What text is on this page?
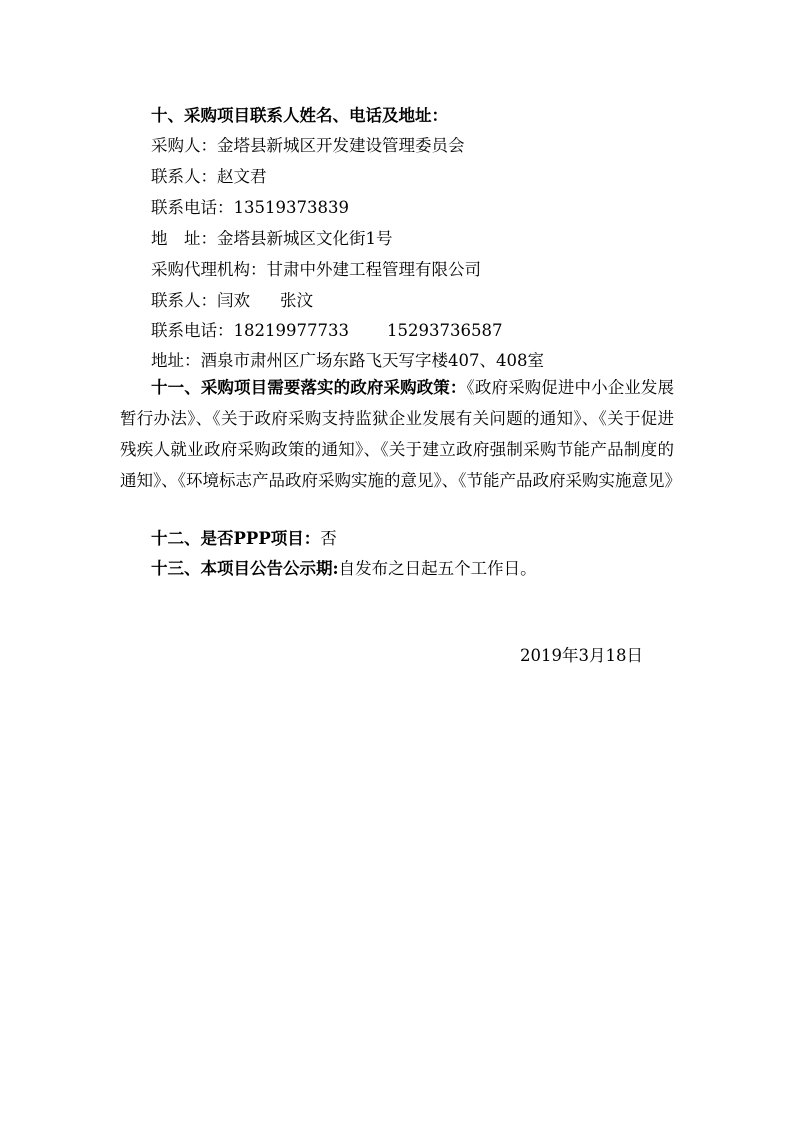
十、采购项目联系人姓名、电话及地址：
采购人：金塔县新城区开发建设管理委员会
联系人：赵文君
联系电话：13519373839
地　址：金塔县新城区文化街1号
采购代理机构：甘肃中外建工程管理有限公司
联系人：闫欢 张汶
联系电话：18219977733 15293736587
地址：酒泉市肃州区广场东路飞天写字楼407、408室
十一、采购项目需要落实的政府采购政策：《政府采购促进中小企业发展暂行办法》、《关于政府采购支持监狱企业发展有关问题的通知》、《关于促进残疾人就业政府采购政策的通知》、《关于建立政府强制采购节能产品制度的通知》、《环境标志产品政府采购实施的意见》、《节能产品政府采购实施意见》
十二、是否PPP项目：否
十三、本项目公告公示期:自发布之日起五个工作日。
2019年3月18日
